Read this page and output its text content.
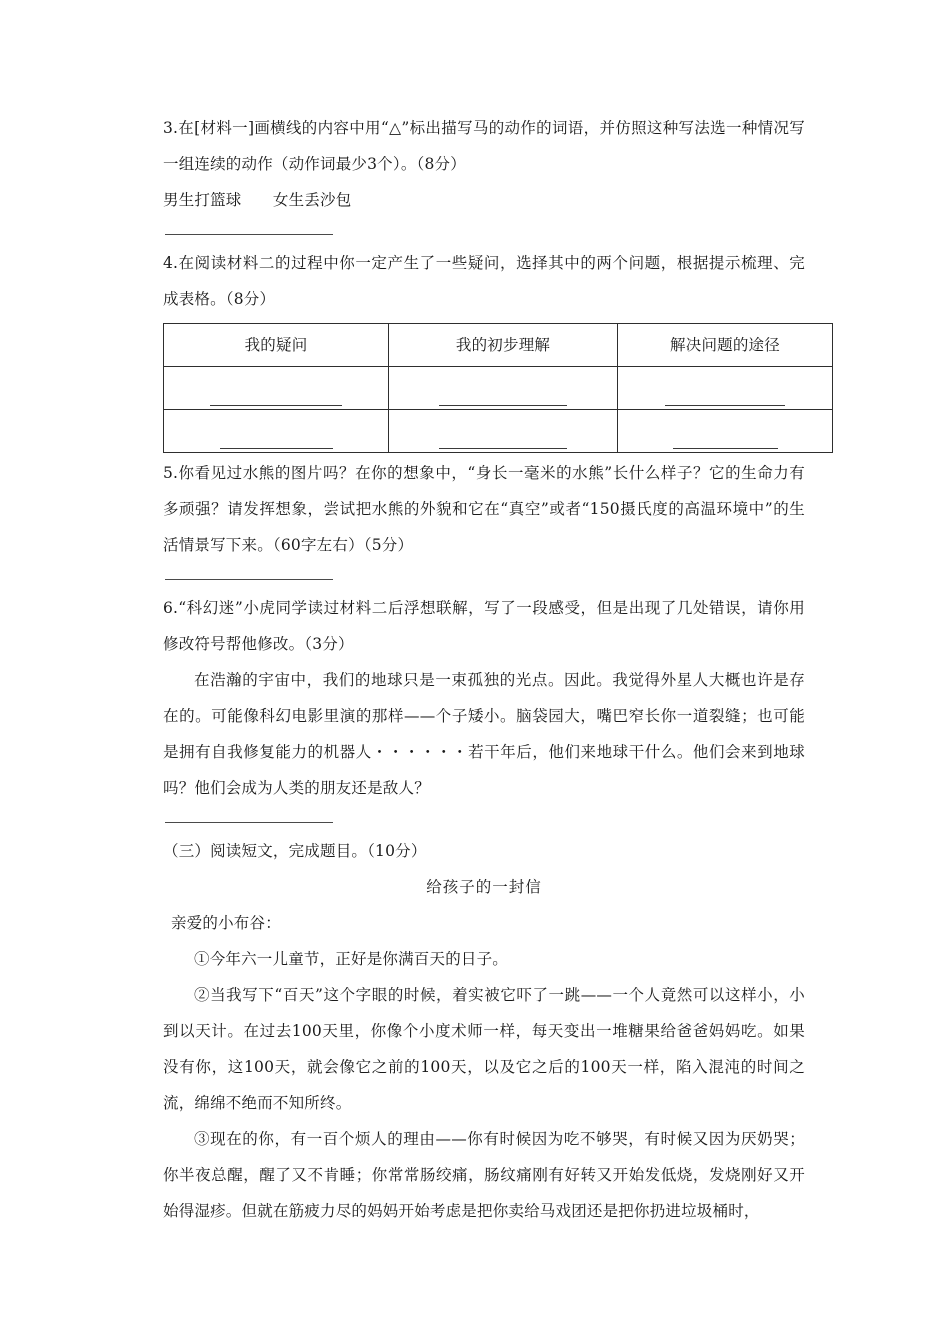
3.在[材料一]画横线的内容中用“△”标出描写马的动作的词语，并仿照这种写法选一种情况写一组连续的动作（动作词最少3个）。（8分）

男生打篮球　　女生丢沙包

4.在阅读材料二的过程中你一定产生了一些疑问，选择其中的两个问题，根据提示梳理、完成表格。（8分）

我的疑问	我的初步理解	解决问题的途径

5.你看见过水熊的图片吗？在你的想象中，“身长一毫米的水熊”长什么样子？它的生命力有多顽强？请发挥想象，尝试把水熊的外貌和它在“真空”或者“150摄氏度的高温环境中”的生活情景写下来。（60字左右）（5分）

6.“科幻迷”小虎同学读过材料二后浮想联解，写了一段感受，但是出现了几处错误，请你用修改符号帮他修改。（3分）

在浩瀚的宇宙中，我们的地球只是一束孤独的光点。因此。我觉得外星人大概也许是存在的。可能像科幻电影里演的那样——个子矮小。脑袋园大，嘴巴窄长你一道裂缝；也可能是拥有自我修复能力的机器人・・・・・・若干年后，他们来地球干什么。他们会来到地球吗？他们会成为人类的朋友还是敌人？

（三）阅读短文，完成题目。（10分）

给孩子的一封信

亲爱的小布谷：

①今年六一儿童节，正好是你满百天的日子。

②当我写下“百天”这个字眼的时候，着实被它吓了一跳——一个人竟然可以这样小，小到以天计。在过去100天里，你像个小度术师一样，每天变出一堆糖果给爸爸妈妈吃。如果没有你，这100天，就会像它之前的100天，以及它之后的100天一样，陷入混沌的时间之流，绵绵不绝而不知所终。

③现在的你，有一百个烦人的理由——你有时候因为吃不够哭，有时候又因为厌奶哭；你半夜总醒，醒了又不肯睡；你常常肠绞痛，肠纹痛刚有好转又开始发低烧，发烧刚好又开始得湿疹。但就在筋疲力尽的妈妈开始考虑是把你卖给马戏团还是把你扔进垃圾桶时，
